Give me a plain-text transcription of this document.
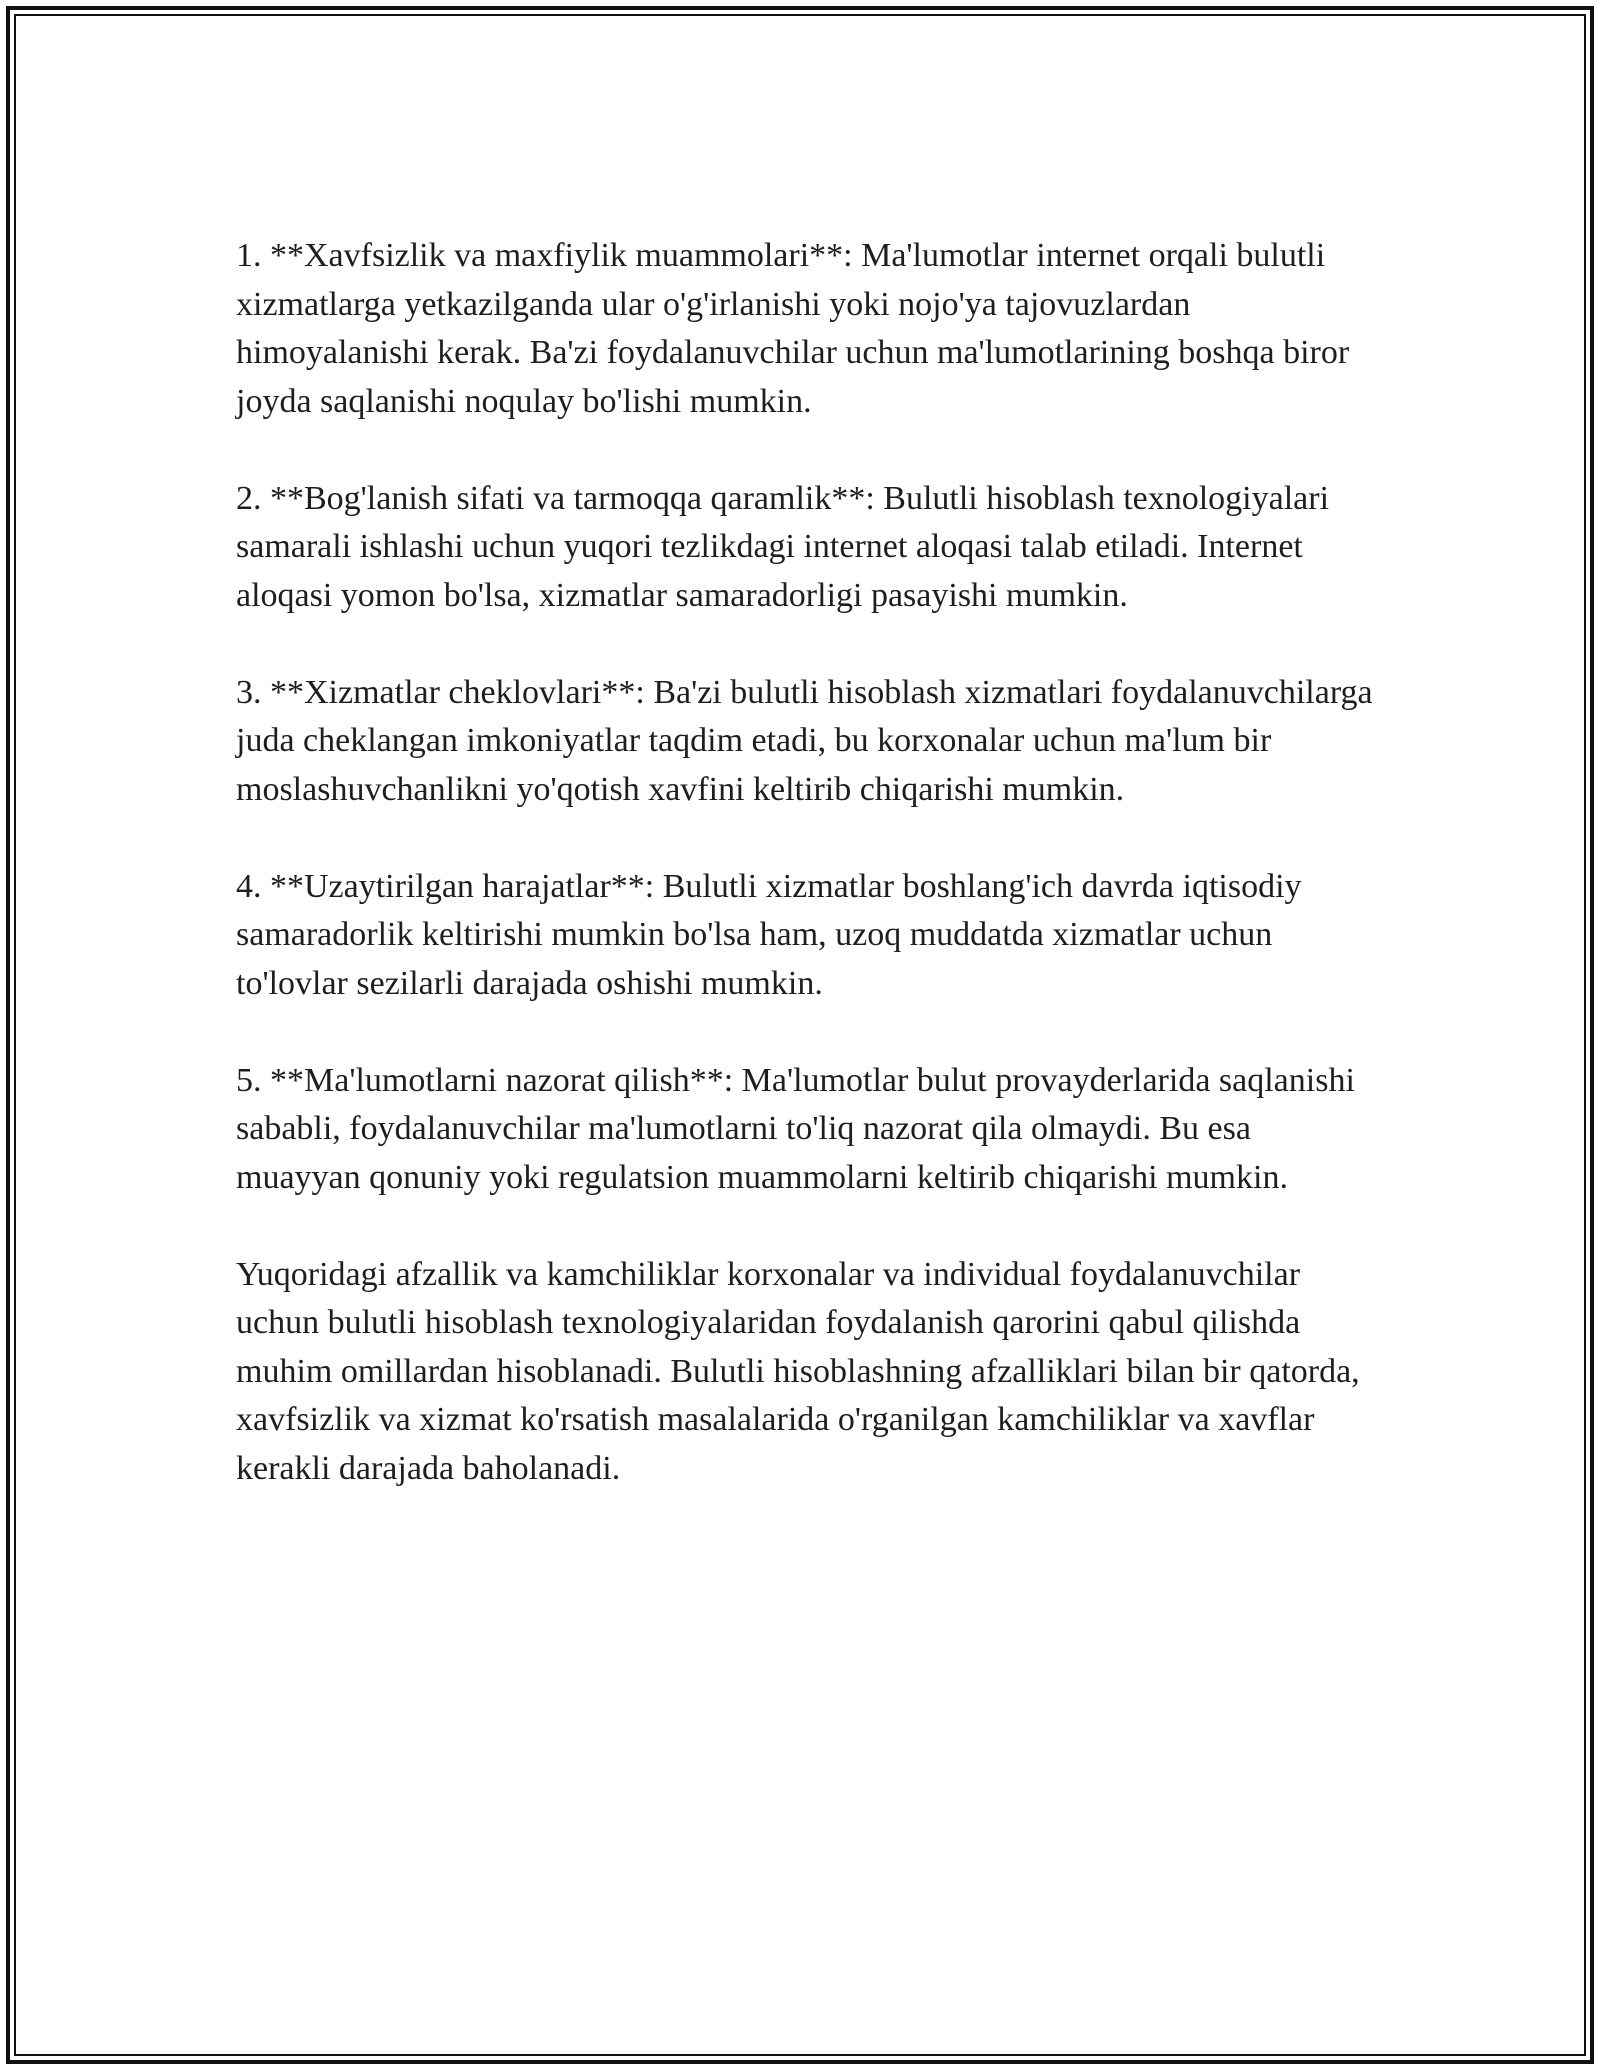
1. **Xavfsizlik va maxfiylik muammolari**: Ma'lumotlar internet orqali bulutli xizmatlarga yetkazilganda ular o'g'irlanishi yoki nojo'ya tajovuzlardan himoyalanishi kerak. Ba'zi foydalanuvchilar uchun ma'lumotlarining boshqa biror joyda saqlanishi noqulay bo'lishi mumkin.

2. **Bog'lanish sifati va tarmoqqa qaramlik**: Bulutli hisoblash texnologiyalari samarali ishlashi uchun yuqori tezlikdagi internet aloqasi talab etiladi. Internet aloqasi yomon bo'lsa, xizmatlar samaradorligi pasayishi mumkin.

3. **Xizmatlar cheklovlari**: Ba'zi bulutli hisoblash xizmatlari foydalanuvchilarga juda cheklangan imkoniyatlar taqdim etadi, bu korxonalar uchun ma'lum bir moslashuvchanlikni yo'qotish xavfini keltirib chiqarishi mumkin.

4. **Uzaytirilgan harajatlar**: Bulutli xizmatlar boshlang'ich davrda iqtisodiy samaradorlik keltirishi mumkin bo'lsa ham, uzoq muddatda xizmatlar uchun to'lovlar sezilarli darajada oshishi mumkin.

5. **Ma'lumotlarni nazorat qilish**: Ma'lumotlar bulut provayderlarida saqlanishi sababli, foydalanuvchilar ma'lumotlarni to'liq nazorat qila olmaydi. Bu esa muayyan qonuniy yoki regulatsion muammolarni keltirib chiqarishi mumkin.

Yuqoridagi afzallik va kamchiliklar korxonalar va individual foydalanuvchilar uchun bulutli hisoblash texnologiyalaridan foydalanish qarorini qabul qilishda muhim omillardan hisoblanadi. Bulutli hisoblashning afzalliklari bilan bir qatorda, xavfsizlik va xizmat ko'rsatish masalalarida o'rganilgan kamchiliklar va xavflar kerakli darajada baholanadi.
